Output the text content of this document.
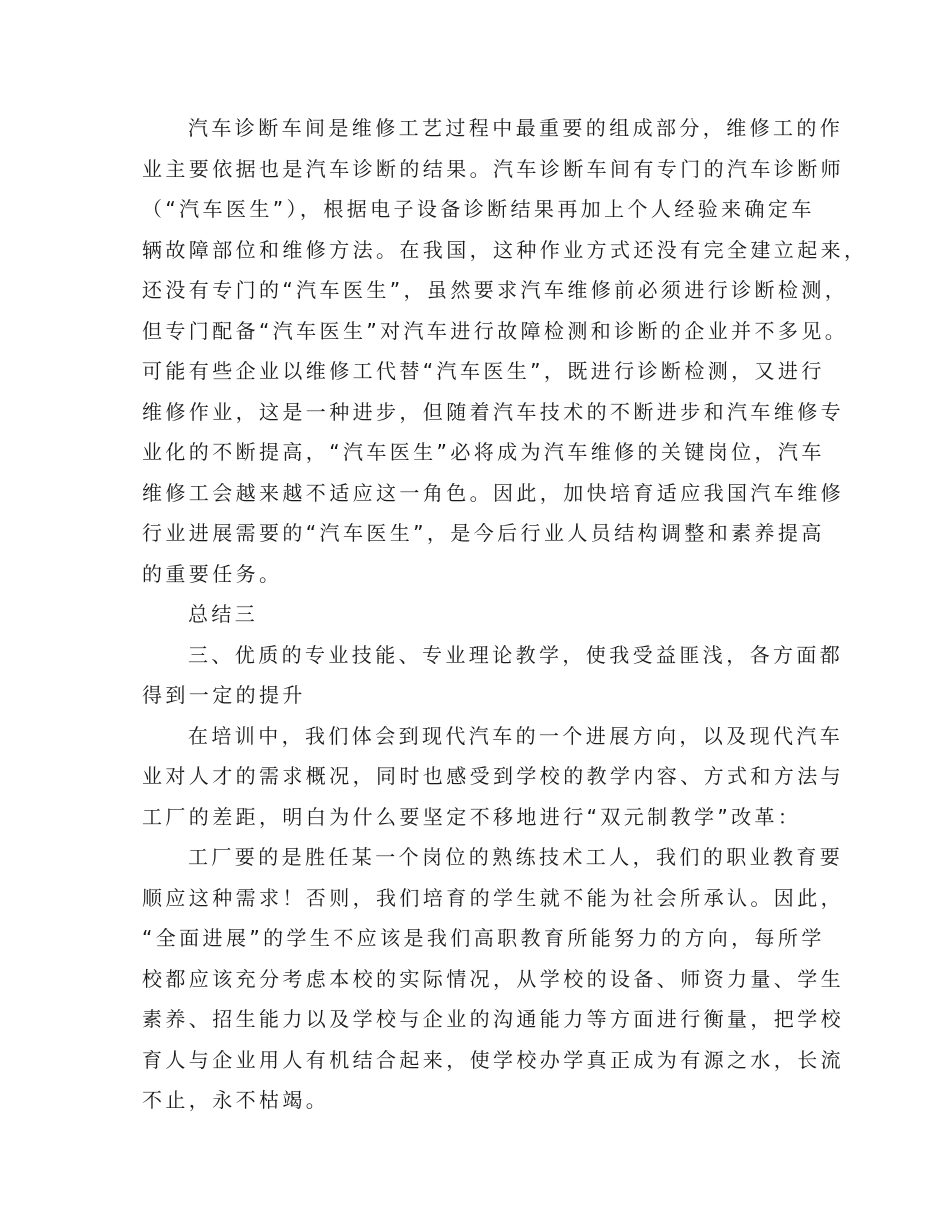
汽车诊断车间是维修工艺过程中最重要的组成部分，维修工的作
业主要依据也是汽车诊断的结果。汽车诊断车间有专门的汽车诊断师
（“汽车医生”），根据电子设备诊断结果再加上个人经验来确定车
辆故障部位和维修方法。在我国，这种作业方式还没有完全建立起来，
还没有专门的“汽车医生”，虽然要求汽车维修前必须进行诊断检测，
但专门配备“汽车医生”对汽车进行故障检测和诊断的企业并不多见。
可能有些企业以维修工代替“汽车医生”，既进行诊断检测，又进行
维修作业，这是一种进步，但随着汽车技术的不断进步和汽车维修专
业化的不断提高，“汽车医生”必将成为汽车维修的关键岗位，汽车
维修工会越来越不适应这一角色。因此，加快培育适应我国汽车维修
行业进展需要的“汽车医生”，是今后行业人员结构调整和素养提高
的重要任务。
总结三
三、优质的专业技能、专业理论教学，使我受益匪浅，各方面都
得到一定的提升
在培训中，我们体会到现代汽车的一个进展方向，以及现代汽车
业对人才的需求概况，同时也感受到学校的教学内容、方式和方法与
工厂的差距，明白为什么要坚定不移地进行“双元制教学”改革：
工厂要的是胜任某一个岗位的熟练技术工人，我们的职业教育要
顺应这种需求！否则，我们培育的学生就不能为社会所承认。因此，
“全面进展”的学生不应该是我们高职教育所能努力的方向，每所学
校都应该充分考虑本校的实际情况，从学校的设备、师资力量、学生
素养、招生能力以及学校与企业的沟通能力等方面进行衡量，把学校
育人与企业用人有机结合起来，使学校办学真正成为有源之水，长流
不止，永不枯竭。
